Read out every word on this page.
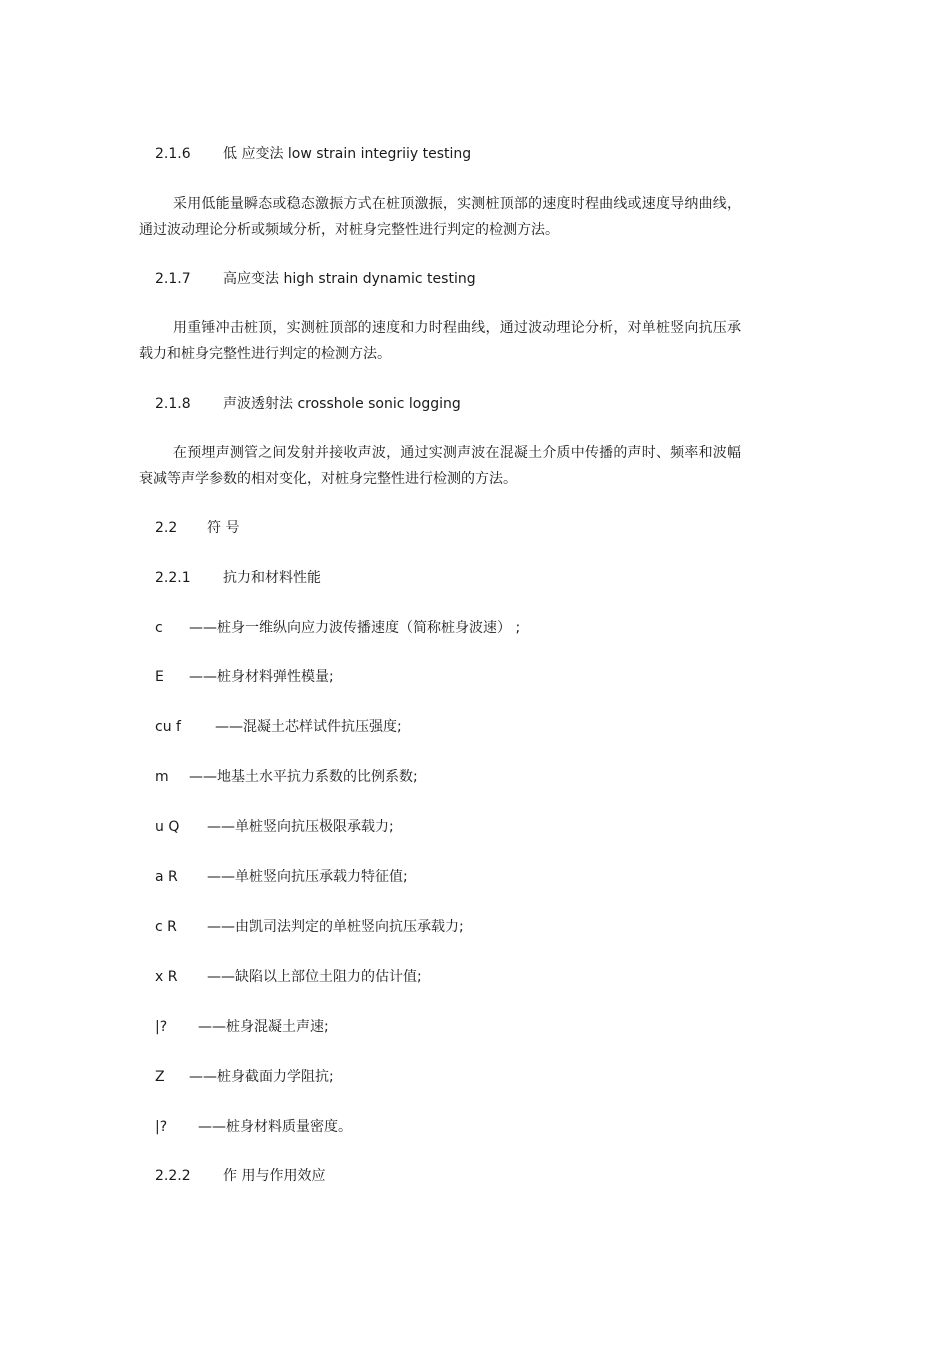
2.1.6 低 应变法 low strain integriiy testing
采用低能量瞬态或稳态激振方式在桩顶激振，实测桩顶部的速度时程曲线或速度导纳曲线，通过波动理论分析或频域分析，对桩身完整性进行判定的检测方法。
2.1.7 高应变法 high strain dynamic testing
用重锤冲击桩顶，实测桩顶部的速度和力时程曲线，通过波动理论分析，对单桩竖向抗压承载力和桩身完整性进行判定的检测方法。
2.1.8 声波透射法 crosshole sonic logging
在预埋声测管之间发射并接收声波，通过实测声波在混凝土介质中传播的声时、频率和波幅衰减等声学参数的相对变化，对桩身完整性进行检测的方法。
2.2 符 号
2.2.1 抗力和材料性能
c ——桩身一维纵向应力波传播速度（简称桩身波速） ;
E ——桩身材料弹性模量;
cu f ——混凝土芯样试件抗压强度;
m ——地基土水平抗力系数的比例系数;
u Q ——单桩竖向抗压极限承载力;
a R ——单桩竖向抗压承载力特征值;
c R ——由凯司法判定的单桩竖向抗压承载力;
x R ——缺陷以上部位土阻力的估计值;
|? ——桩身混凝土声速;
Z ——桩身截面力学阻抗;
|? ——桩身材料质量密度。
2.2.2 作 用与作用效应
